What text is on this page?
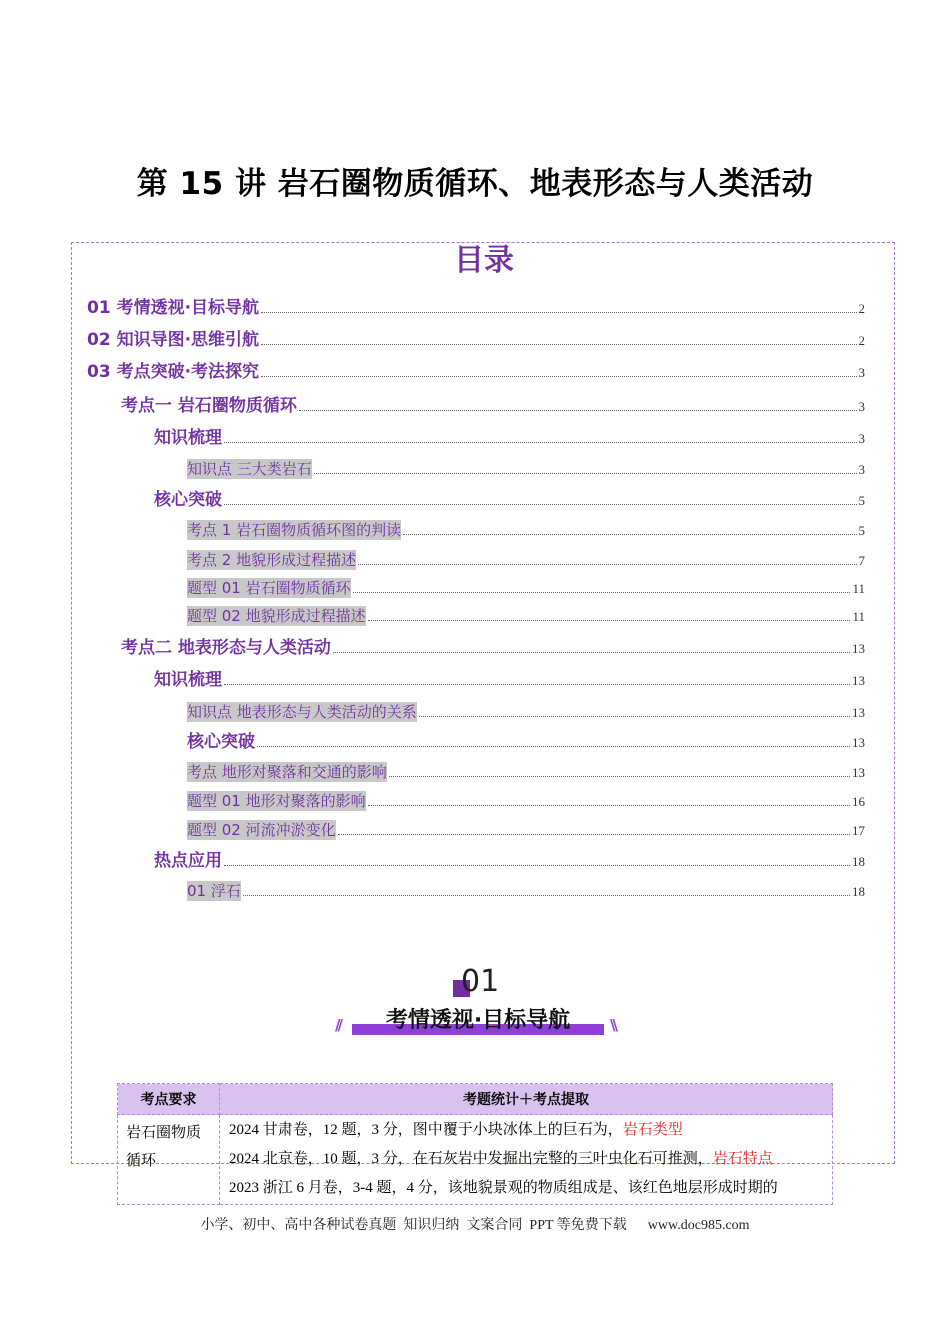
第 15 讲 岩石圈物质循环、地表形态与人类活动
目录
01 考情透视·目标导航	2
02 知识导图·思维引航	2
03 考点突破·考法探究	3
考点一 岩石圈物质循环	3
知识梳理	3
知识点 三大类岩石	3
核心突破	5
考点 1 岩石圈物质循环图的判读	5
考点 2 地貌形成过程描述	7
题型 01 岩石圈物质循环	11
题型 02 地貌形成过程描述	11
考点二 地表形态与人类活动	13
知识梳理	13
知识点 地表形态与人类活动的关系	13
核心突破	13
考点 地形对聚落和交通的影响	13
题型 01 地形对聚落的影响	16
题型 02 河流冲淤变化	17
热点应用	18
01 浮石	18
01
//	考情透视·目标导航	\\
考点要求	考题统计＋考点提取
岩石圈物质循环	2024 甘肃卷，12 题，3 分，图中覆于小块冰体上的巨石为，岩石类型
2024 北京卷，10 题，3 分，在石灰岩中发掘出完整的三叶虫化石可推测，岩石特点
2023 浙江 6 月卷，3-4 题，4 分，该地貌景观的物质组成是、该红色地层形成时期的
小学、初中、高中各种试卷真题  知识归纳  文案合同  PPT 等免费下载      www.doc985.com
